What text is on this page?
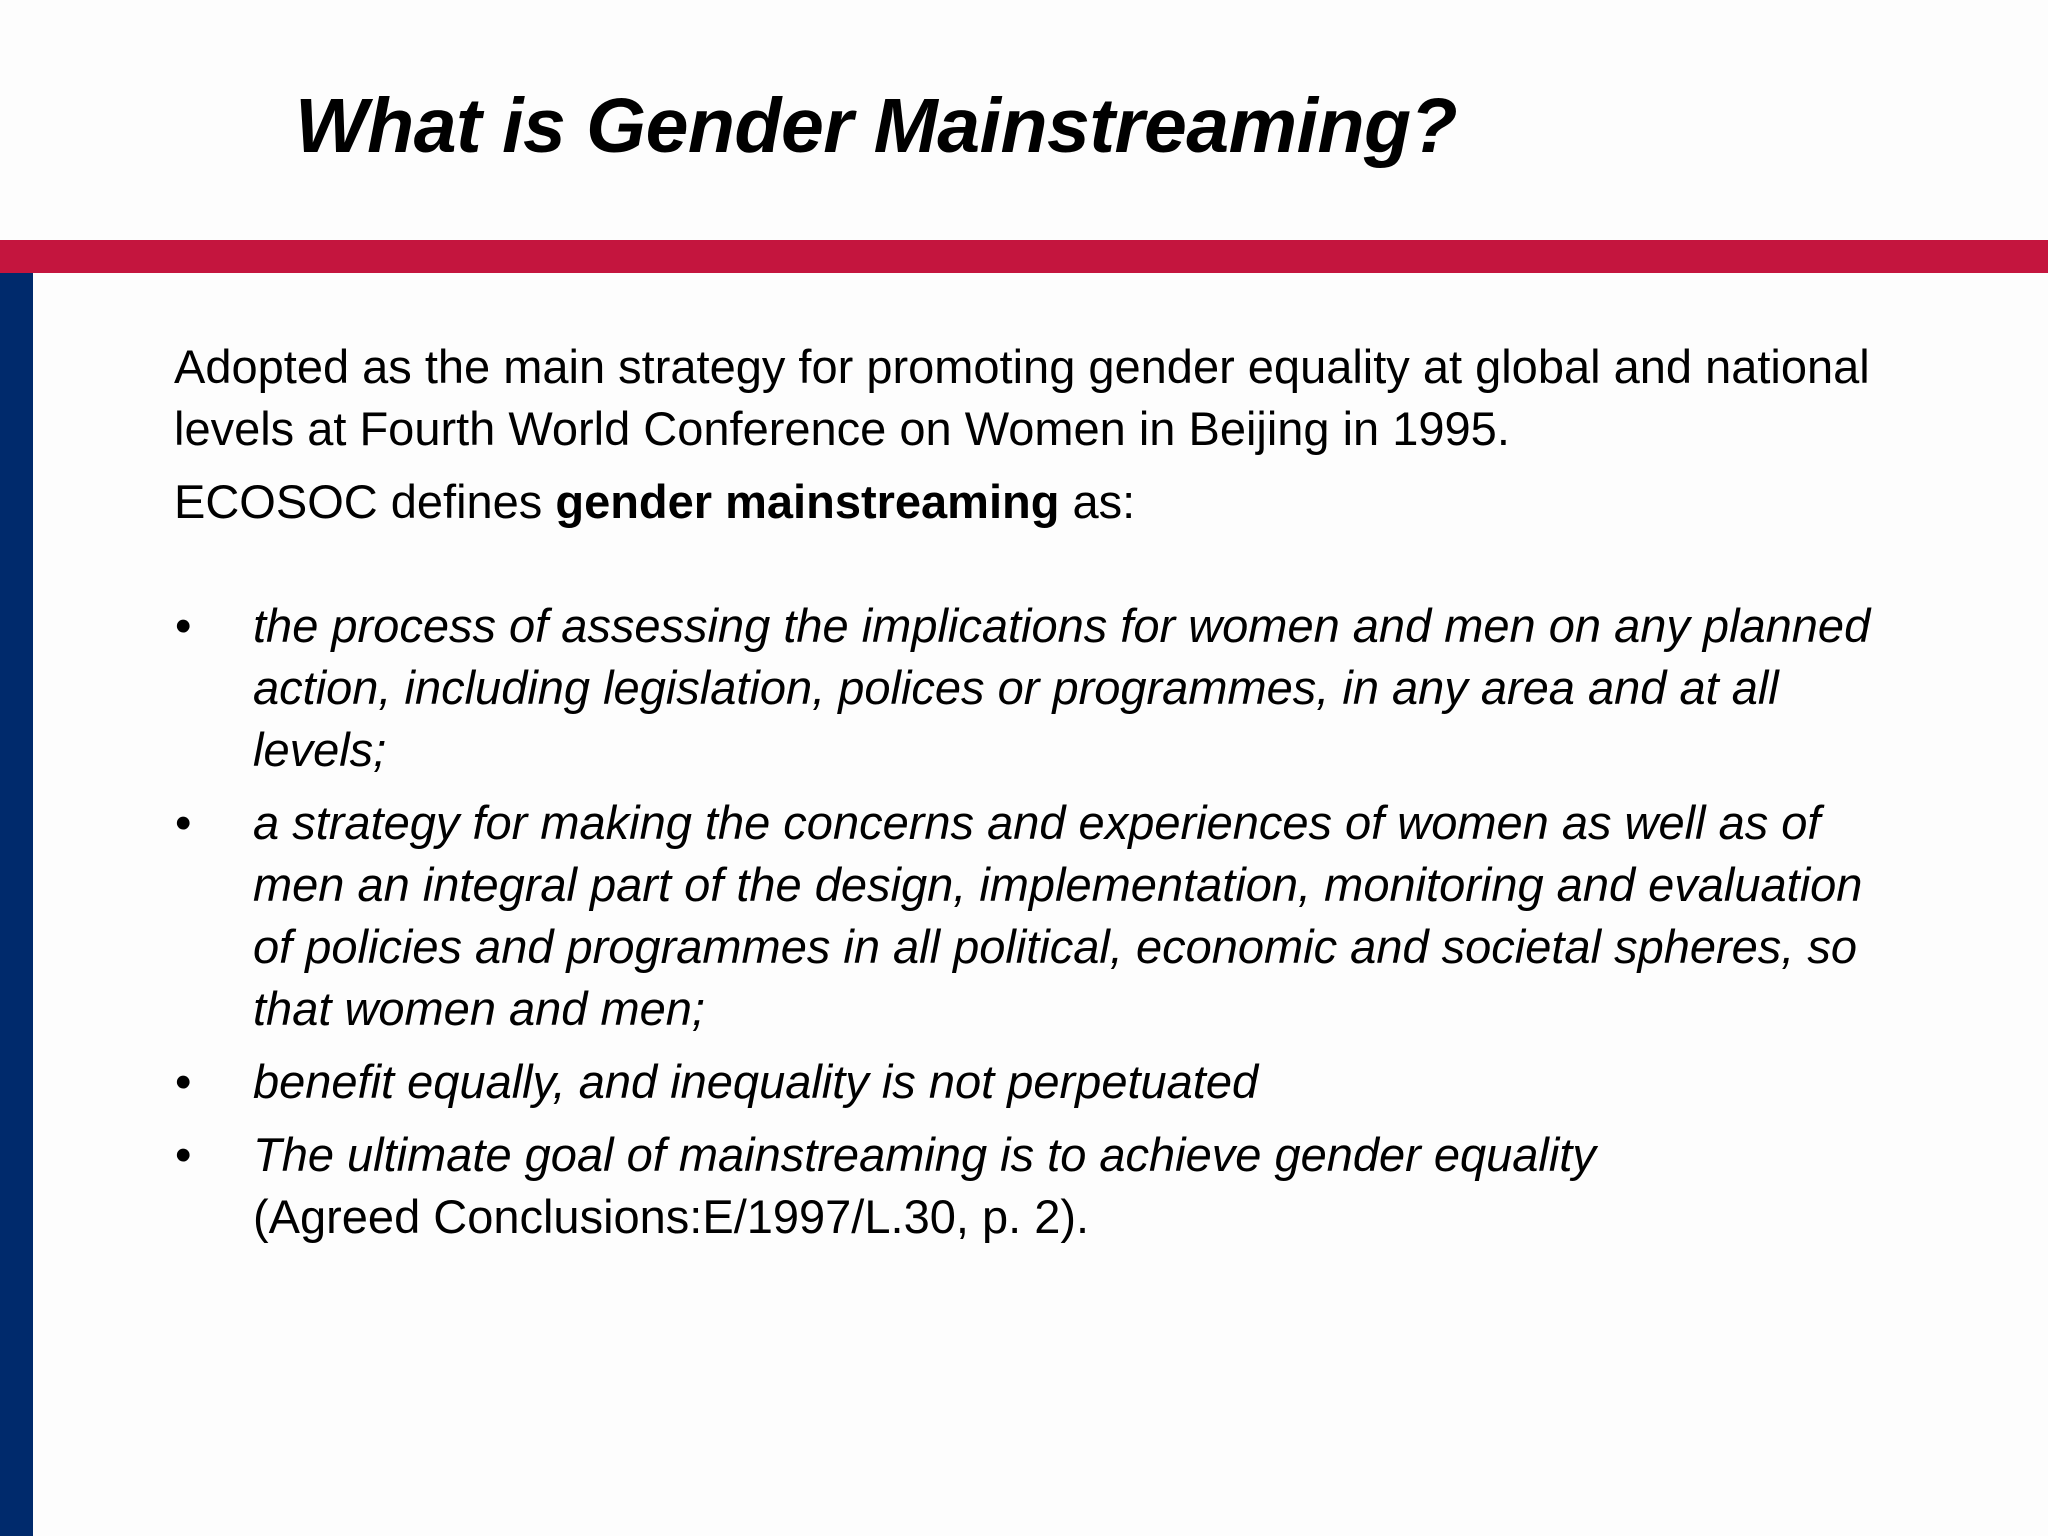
What is Gender Mainstreaming?

Adopted as the main strategy for promoting gender equality at global and national levels at Fourth World Conference on Women in Beijing in 1995.

ECOSOC defines gender mainstreaming as:

• the process of assessing the implications for women and men on any planned action, including legislation, polices or programmes, in any area and at all levels;
• a strategy for making the concerns and experiences of women as well as of men an integral part of the design, implementation, monitoring and evaluation of policies and programmes in all political, economic and societal spheres, so that women and men;
• benefit equally, and inequality is not perpetuated
• The ultimate goal of mainstreaming is to achieve gender equality
(Agreed Conclusions:E/1997/L.30, p. 2).
